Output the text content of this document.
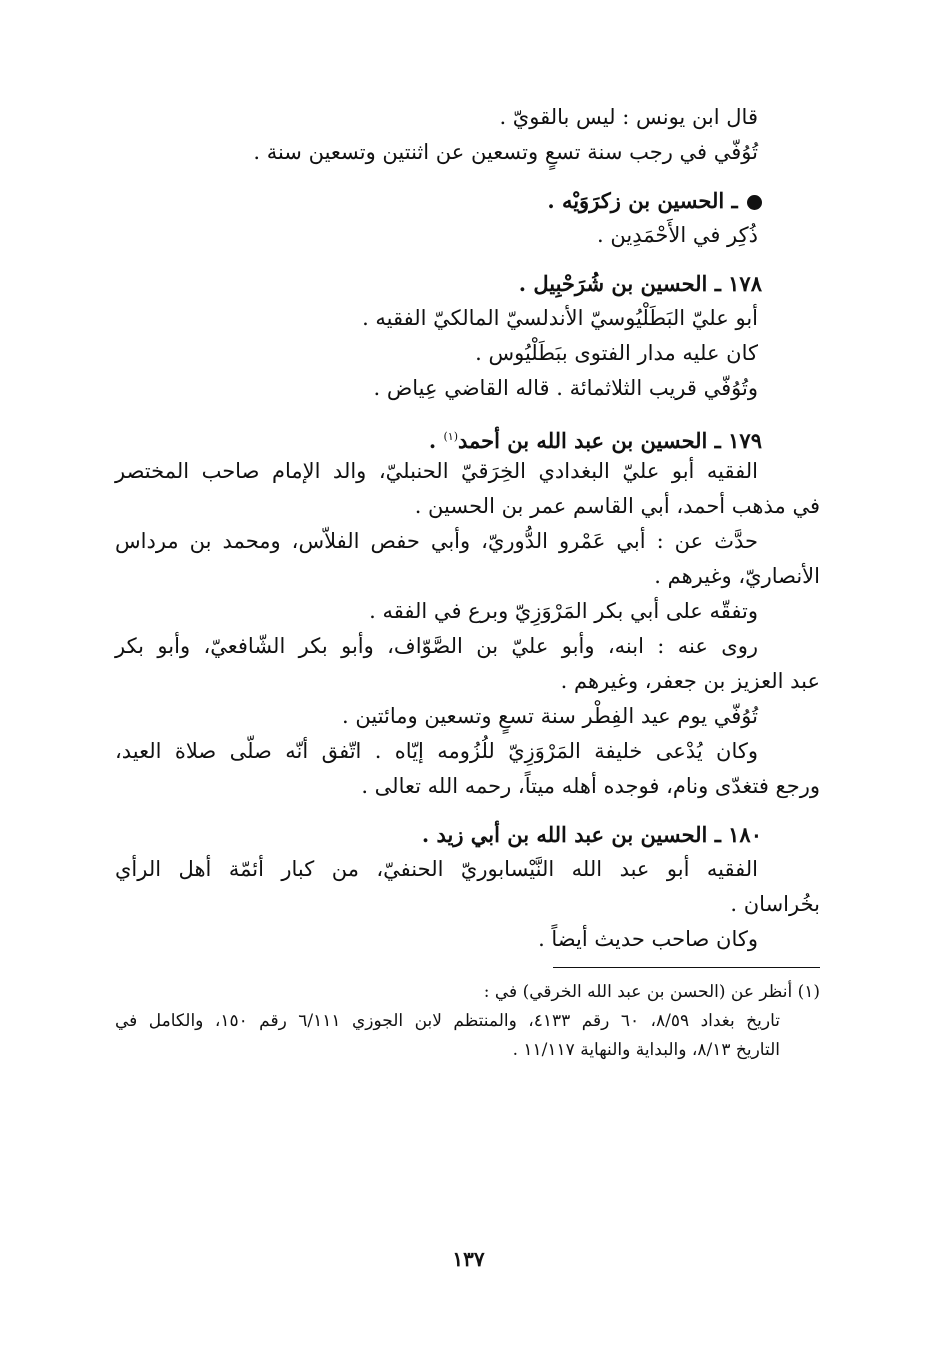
قال ابن يونس : ليس بالقويّ .
تُوُفّي في رجب سنة تسعٍ وتسعين عن اثنتين وتسعين سنة .
ـ الحسين بن زكرَوَيْه .
ذُكِر في الأَحْمَدِين .
١٧٨ ـ الحسين بن شُرَحْبِيل .
أبو عليّ البَطَلْيُوسيّ الأندلسيّ المالكيّ الفقيه .
كان عليه مدار الفتوى ببَطَلْيُوس .
وتُوُفّي قريب الثلاثمائة . قاله القاضي عِياض .
١٧٩ ـ الحسين بن عبد الله بن أحمد$^{(١)}$ .
الفقيه أبو عليّ البغدادي الخِرَقيّ الحنبليّ، والد الإمام صاحب المختصر
في مذهب أحمد، أبي القاسم عمر بن الحسين .
حدَّث عن : أبي عَمْرو الدُّوريّ، وأبي حفص الفلاّس، ومحمد بن مرداس
الأنصاريّ، وغيرهم .
وتفقّه على أبي بكر المَرْوَزِيّ وبرع في الفقه .
روى عنه : ابنه، وأبو عليّ بن الصَّوّاف، وأبو بكر الشّافعيّ، وأبو بكر
عبد العزيز بن جعفر، وغيرهم .
تُوُفّي يوم عيد الفِطْر سنة تسعٍ وتسعين ومائتين .
وكان يُدْعى خليفة المَرْوَزِيّ للُزُومه إيّاه . اتّفق أنّه صلّى صلاة العيد،
ورجع فتغدّى ونام، فوجده أهله ميتاً، رحمه الله تعالى .
١٨٠ ـ الحسين بن عبد الله بن أبي زيد .
الفقيه أبو عبد الله النَّيْسابوريّ الحنفيّ، من كبار أئمّة أهل الرأي
بخُراسان .
وكان صاحب حديث أيضاً .
(١) أنظر عن (الحسن بن عبد الله الخرقي) في :
تاريخ بغداد ٨/٥٩، ٦٠ رقم ٤١٣٣، والمنتظم لابن الجوزي ٦/١١١ رقم ١٥٠، والكامل في
التاريخ ٨/١٣، والبداية والنهاية ١١/١١٧ .
١٣٧
